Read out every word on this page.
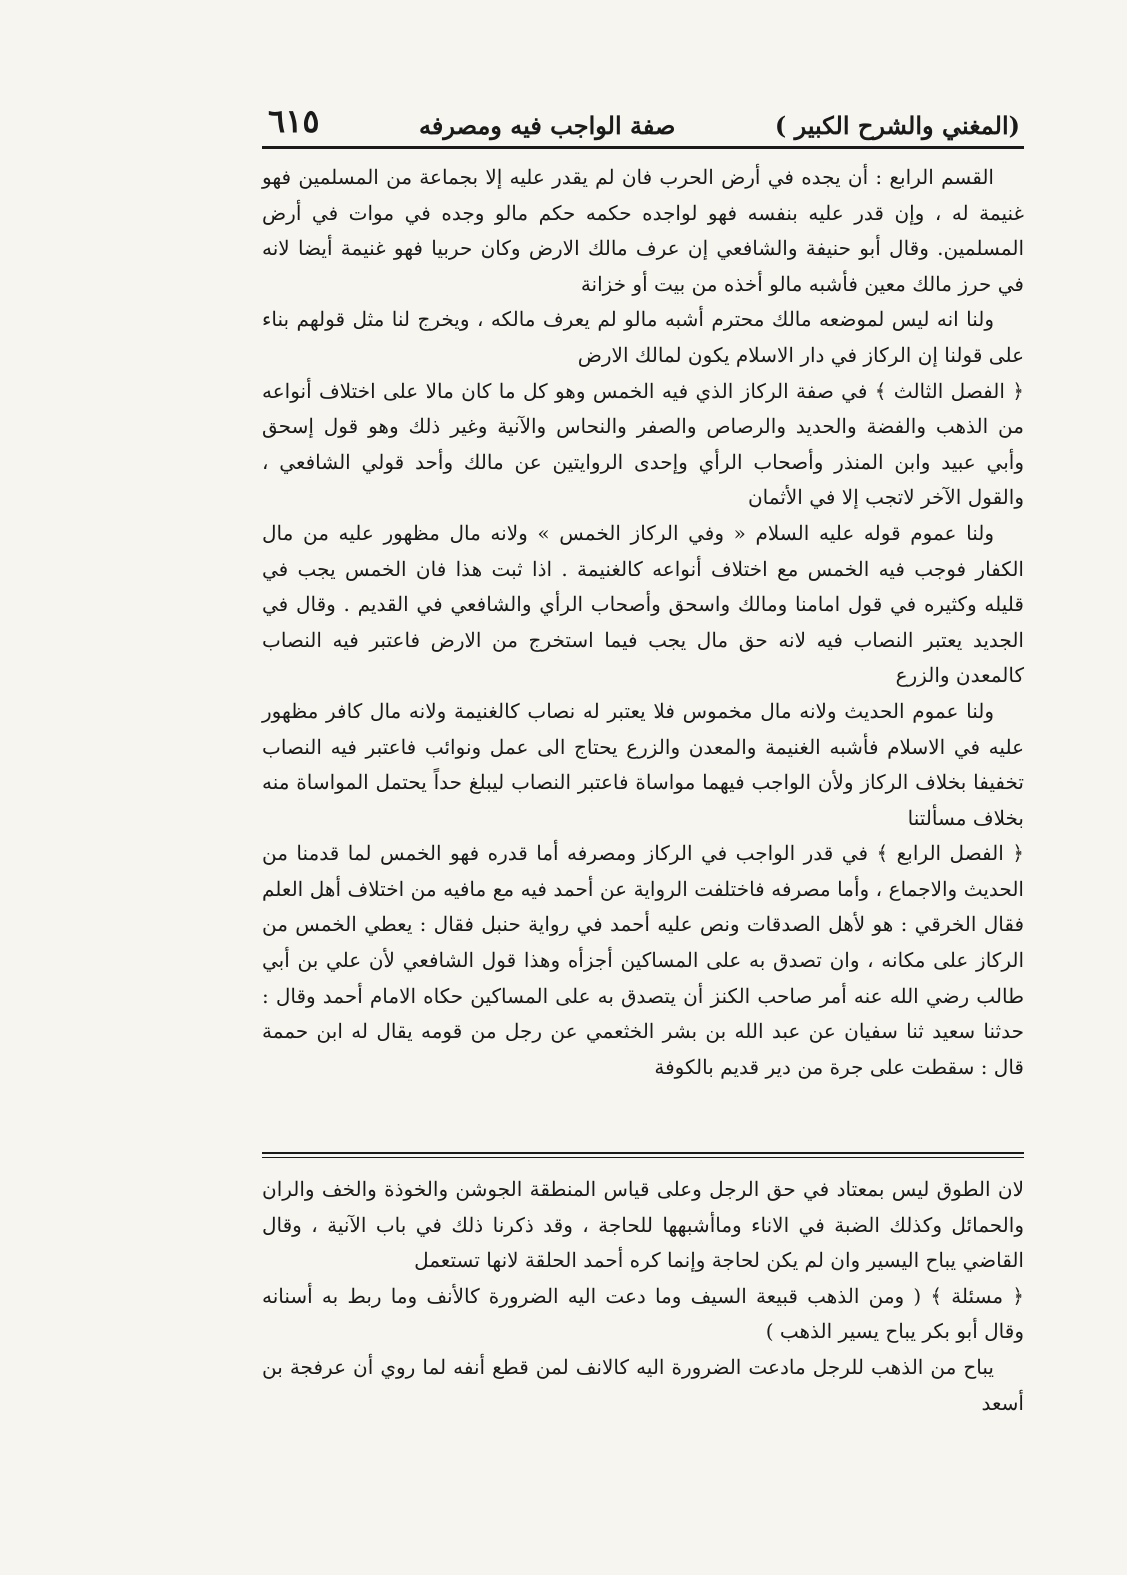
(المغني والشرح الكبير )
صفة الواجب فيه ومصرفه
٦١٥

القسم الرابع : أن يجده في أرض الحرب فان لم يقدر عليه إلا بجماعة من المسلمين فهو غنيمة له ، وإن قدر عليه بنفسه فهو لواجده حكمه حكم مالو وجده في موات في أرض المسلمين. وقال أبو حنيفة والشافعي إن عرف مالك الارض وكان حربيا فهو غنيمة أيضا لانه في حرز مالك معين فأشبه مالو أخذه من بيت أو خزانة

ولنا انه ليس لموضعه مالك محترم أشبه مالو لم يعرف مالكه ، ويخرج لنا مثل قولهم بناء على قولنا إن الركاز في دار الاسلام يكون لمالك الارض

﴿ الفصل الثالث ﴾ في صفة الركاز الذي فيه الخمس وهو كل ما كان مالا على اختلاف أنواعه من الذهب والفضة والحديد والرصاص والصفر والنحاس والآنية وغير ذلك وهو قول إسحق وأبي عبيد وابن المنذر وأصحاب الرأي وإحدى الروايتين عن مالك وأحد قولي الشافعي ، والقول الآخر لاتجب إلا في الأثمان

ولنا عموم قوله عليه السلام « وفي الركاز الخمس » ولانه مال مظهور عليه من مال الكفار فوجب فيه الخمس مع اختلاف أنواعه كالغنيمة . اذا ثبت هذا فان الخمس يجب في قليله وكثيره في قول امامنا ومالك واسحق وأصحاب الرأي والشافعي في القديم . وقال في الجديد يعتبر النصاب فيه لانه حق مال يجب فيما استخرج من الارض فاعتبر فيه النصاب كالمعدن والزرع

ولنا عموم الحديث ولانه مال مخموس فلا يعتبر له نصاب كالغنيمة ولانه مال كافر مظهور عليه في الاسلام فأشبه الغنيمة والمعدن والزرع يحتاج الى عمل ونوائب فاعتبر فيه النصاب تخفيفا بخلاف الركاز ولأن الواجب فيهما مواساة فاعتبر النصاب ليبلغ حداً يحتمل المواساة منه بخلاف مسألتنا

﴿ الفصل الرابع ﴾ في قدر الواجب في الركاز ومصرفه أما قدره فهو الخمس لما قدمنا من الحديث والاجماع ، وأما مصرفه فاختلفت الرواية عن أحمد فيه مع مافيه من اختلاف أهل العلم فقال الخرقي : هو لأهل الصدقات ونص عليه أحمد في رواية حنبل فقال : يعطي الخمس من الركاز على مكانه ، وان تصدق به على المساكين أجزأه وهذا قول الشافعي لأن علي بن أبي طالب رضي الله عنه أمر صاحب الكنز أن يتصدق به على المساكين حكاه الامام أحمد وقال : حدثنا سعيد ثنا سفيان عن عبد الله بن بشر الخثعمي عن رجل من قومه يقال له ابن حممة قال : سقطت على جرة من دير قديم بالكوفة

لان الطوق ليس بمعتاد في حق الرجل وعلى قياس المنطقة الجوشن والخوذة والخف والران والحمائل وكذلك الضبة في الاناء وماأشبهها للحاجة ، وقد ذكرنا ذلك في باب الآنية ، وقال القاضي يباح اليسير وان لم يكن لحاجة وإنما كره أحمد الحلقة لانها تستعمل

﴿ مسئلة ﴾ ( ومن الذهب قبيعة السيف وما دعت اليه الضرورة كالأنف وما ربط به أسنانه وقال أبو بكر يباح يسير الذهب )

يباح من الذهب للرجل مادعت الضرورة اليه كالانف لمن قطع أنفه لما روي أن عرفجة بن أسعد
